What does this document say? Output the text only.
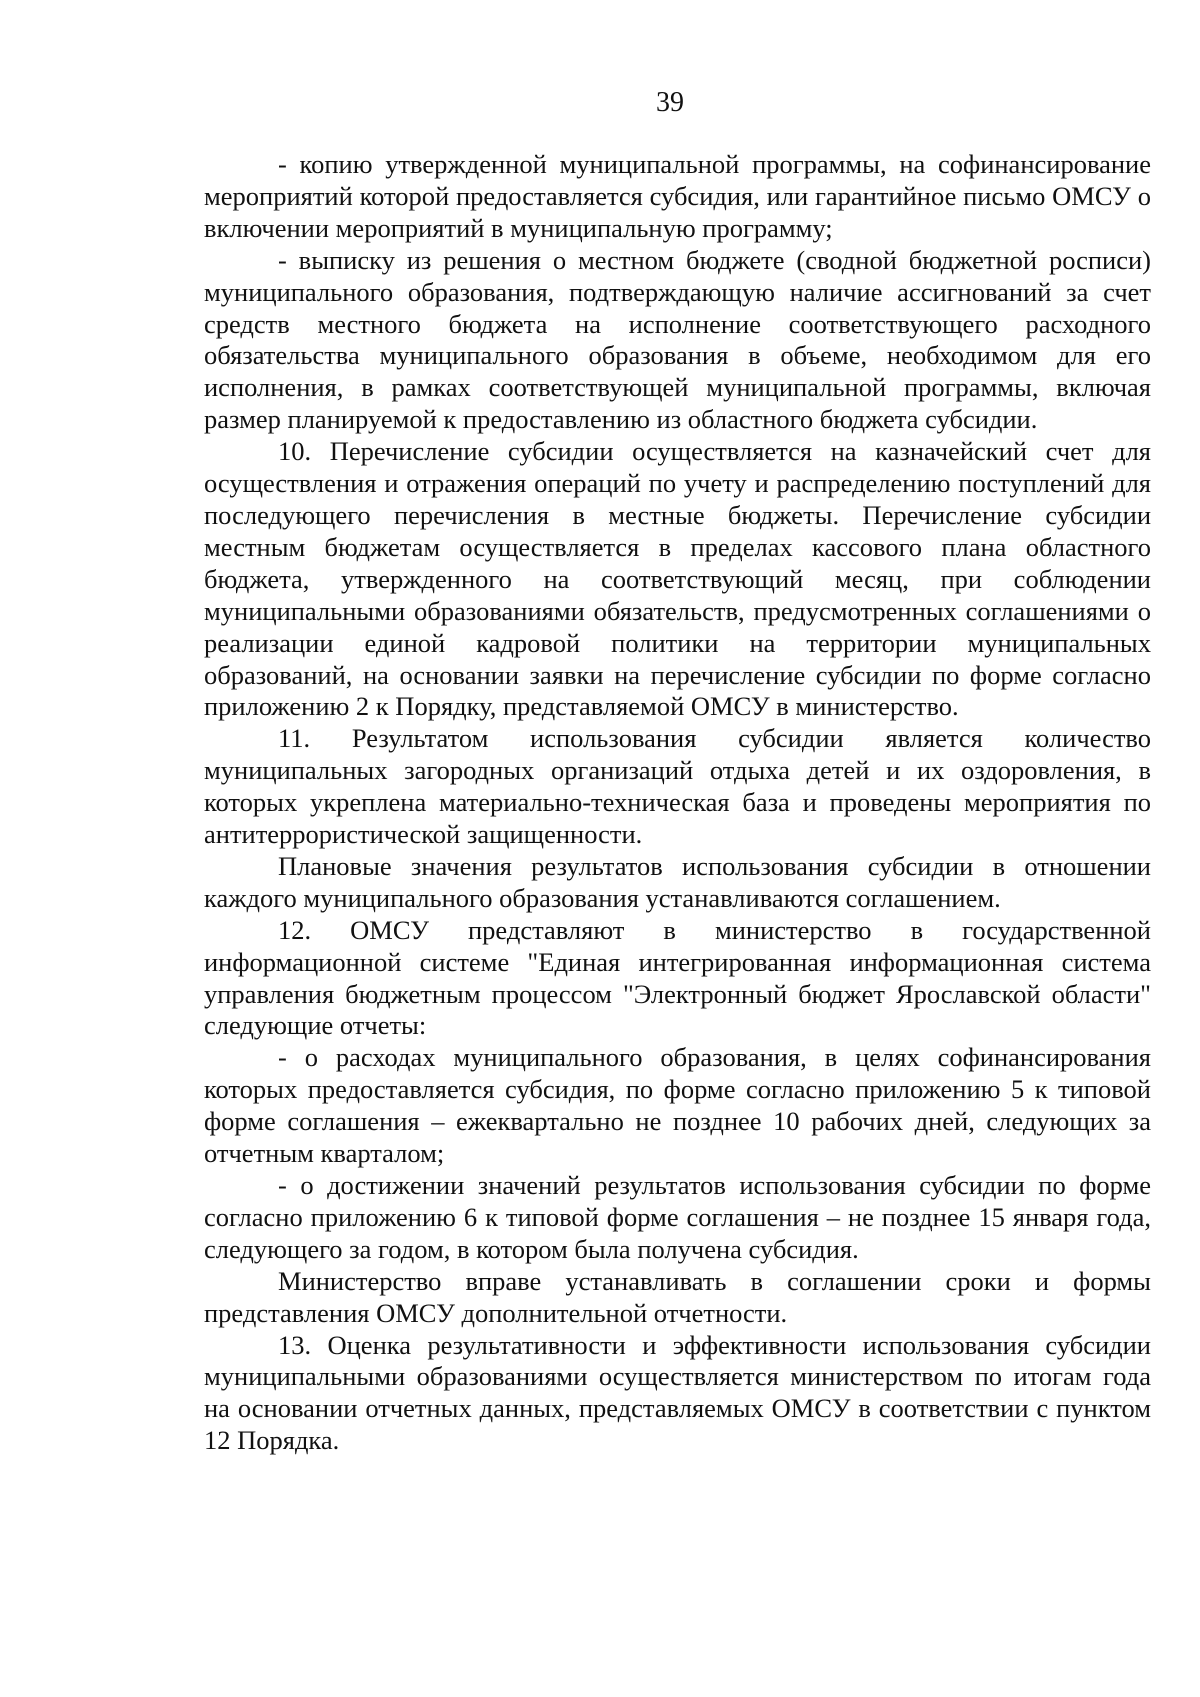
39

- копию утвержденной муниципальной программы, на софинансирование мероприятий которой предоставляется субсидия, или гарантийное письмо ОМСУ о включении мероприятий в муниципальную программу;

- выписку из решения о местном бюджете (сводной бюджетной росписи) муниципального образования, подтверждающую наличие ассигнований за счет средств местного бюджета на исполнение соответствующего расходного обязательства муниципального образования в объеме, необходимом для его исполнения, в рамках соответствующей муниципальной программы, включая размер планируемой к предоставлению из областного бюджета субсидии.

10. Перечисление субсидии осуществляется на казначейский счет для осуществления и отражения операций по учету и распределению поступлений для последующего перечисления в местные бюджеты. Перечисление субсидии местным бюджетам осуществляется в пределах кассового плана областного бюджета, утвержденного на соответствующий месяц, при соблюдении муниципальными образованиями обязательств, предусмотренных соглашениями о реализации единой кадровой политики на территории муниципальных образований, на основании заявки на перечисление субсидии по форме согласно приложению 2 к Порядку, представляемой ОМСУ в министерство.

11. Результатом использования субсидии является количество муниципальных загородных организаций отдыха детей и их оздоровления, в которых укреплена материально-техническая база и проведены мероприятия по антитеррористической защищенности.

Плановые значения результатов использования субсидии в отношении каждого муниципального образования устанавливаются соглашением.

12. ОМСУ представляют в министерство в государственной информационной системе "Единая интегрированная информационная система управления бюджетным процессом "Электронный бюджет Ярославской области" следующие отчеты:

- о расходах муниципального образования, в целях софинансирования которых предоставляется субсидия, по форме согласно приложению 5 к типовой форме соглашения – ежеквартально не позднее 10 рабочих дней, следующих за отчетным кварталом;

- о достижении значений результатов использования субсидии по форме согласно приложению 6 к типовой форме соглашения – не позднее 15 января года, следующего за годом, в котором была получена субсидия.

Министерство вправе устанавливать в соглашении сроки и формы представления ОМСУ дополнительной отчетности.

13. Оценка результативности и эффективности использования субсидии муниципальными образованиями осуществляется министерством по итогам года на основании отчетных данных, представляемых ОМСУ в соответствии с пунктом 12 Порядка.
